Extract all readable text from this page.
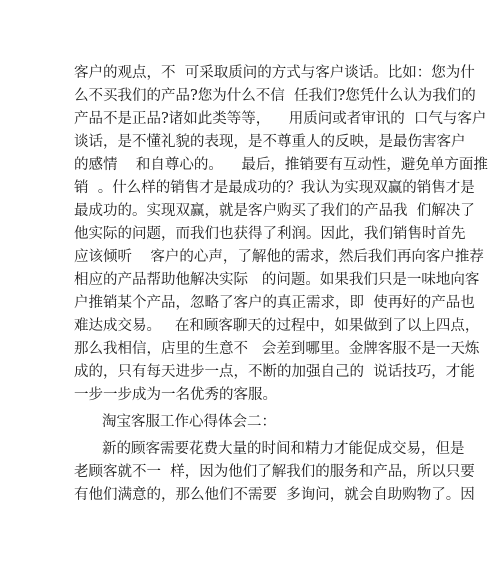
客户的观点，不  可采取质问的方式与客户谈话。比如：您为什
么不买我们的产品?您为什么不信  任我们?您凭什么认为我们的
产品不是正品?诸如此类等等，    用质问或者审讯的  口气与客户
谈话，是不懂礼貌的表现，是不尊重人的反映，是最伤害客户
的感情    和自尊心的。    最后，推销要有互动性，避免单方面推
销  。什么样的销售才是最成功的？我认为实现双赢的销售才是
最成功的。实现双赢，就是客户购买了我们的产品我  们解决了
他实际的问题，而我们也获得了利润。因此，我们销售时首先
应该倾听    客户的心声，了解他的需求，然后我们再向客户推荐
相应的产品帮助他解决实际   的问题。如果我们只是一味地向客
户推销某个产品，忽略了客户的真正需求，即  使再好的产品也
难达成交易。   在和顾客聊天的过程中，如果做到了以上四点，
那么我相信，店里的生意不   会差到哪里。金牌客服不是一天炼
成的，只有每天进步一点，不断的加强自己的  说话技巧，才能
一步一步成为一名优秀的客服。
淘宝客服工作心得体会二：
新的顾客需要花费大量的时间和精力才能促成交易，但是
老顾客就不一  样，因为他们了解我们的服务和产品，所以只要
有他们满意的，那么他们不需要  多询问，就会自助购物了。因
